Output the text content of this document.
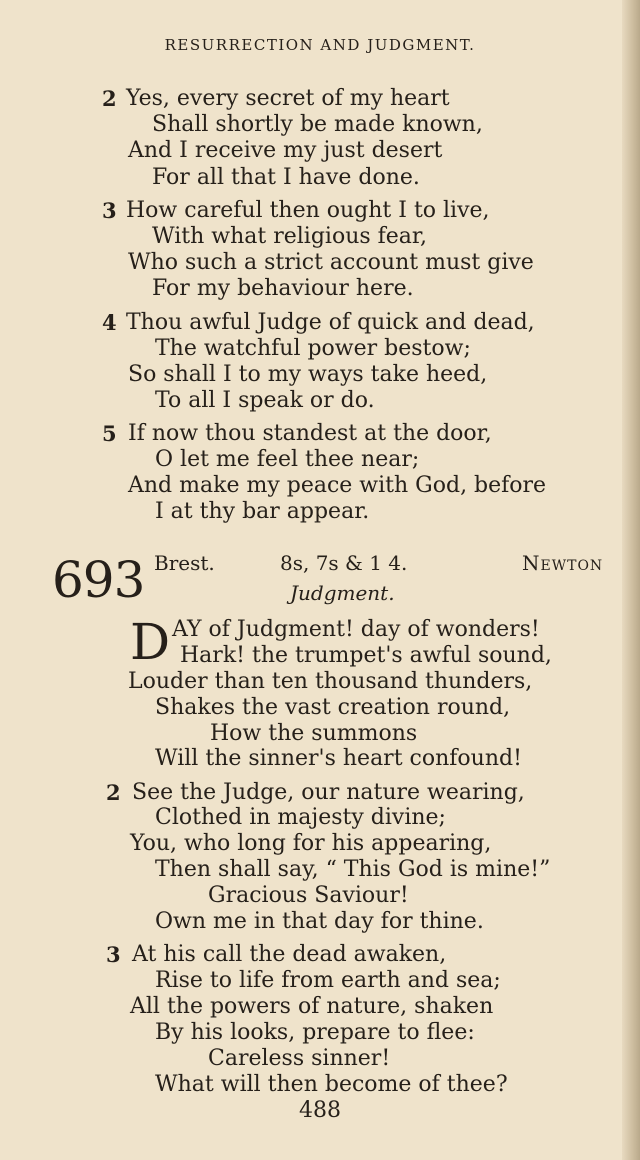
RESURRECTION AND JUDGMENT.
2 Yes, every secret of my heart
Shall shortly be made known,
And I receive my just desert
For all that I have done.
3 How careful then ought I to live,
With what religious fear,
Who such a strict account must give
For my behaviour here.
4 Thou awful Judge of quick and dead,
The watchful power bestow;
So shall I to my ways take heed,
To all I speak or do.
5 If now thou standest at the door,
O let me feel thee near;
And make my peace with God, before
I at thy bar appear.
693 Brest.	8s, 7s & 1 4.	Newton
Judgment.
D AY of Judgment! day of wonders!
Hark! the trumpet's awful sound,
Louder than ten thousand thunders,
Shakes the vast creation round,
How the summons
Will the sinner's heart confound!
2 See the Judge, our nature wearing,
Clothed in majesty divine;
You, who long for his appearing,
Then shall say, “ This God is mine!”
Gracious Saviour!
Own me in that day for thine.
3 At his call the dead awaken,
Rise to life from earth and sea;
All the powers of nature, shaken
By his looks, prepare to flee:
Careless sinner!
What will then become of thee?
488
